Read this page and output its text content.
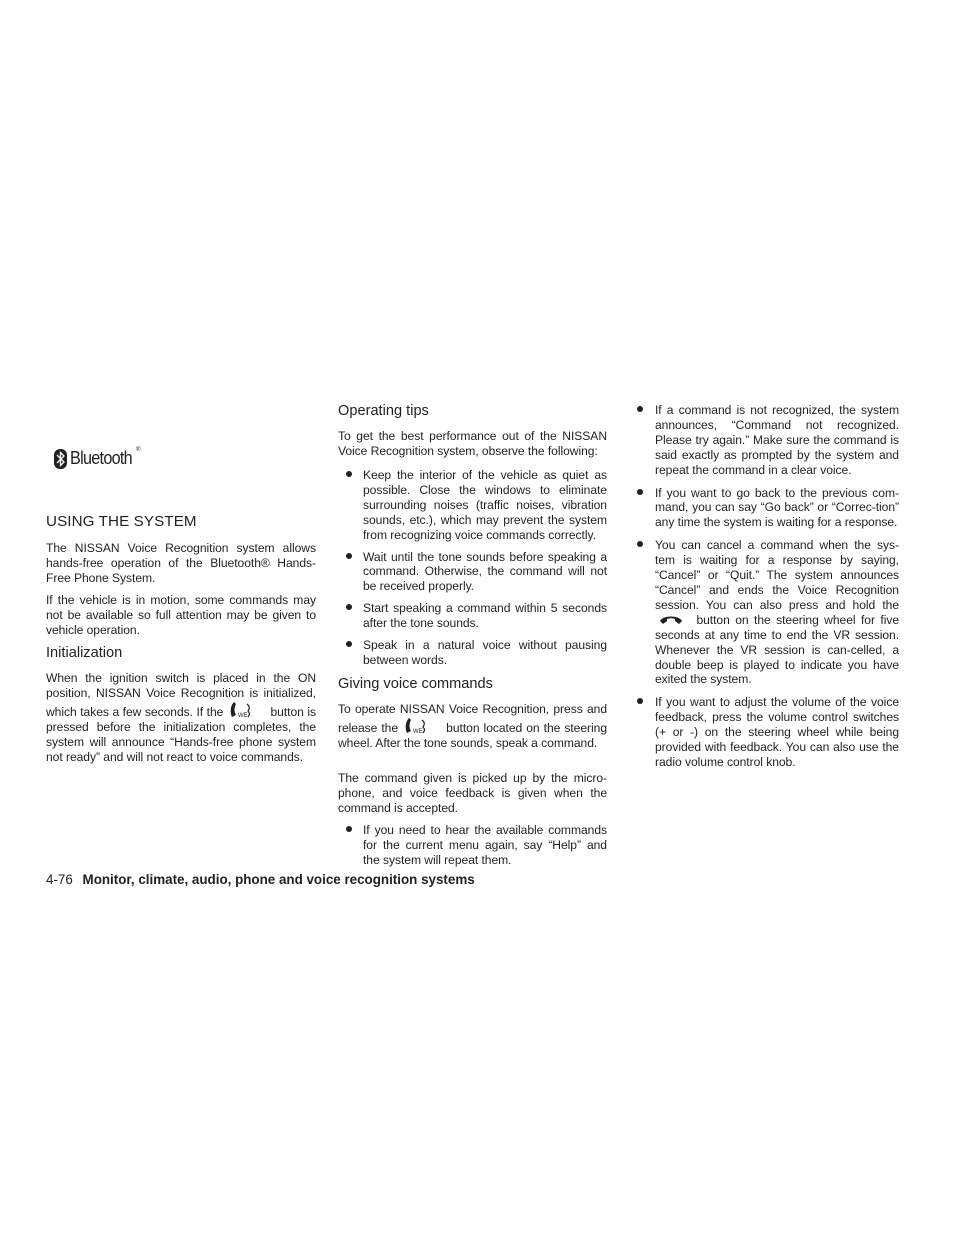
Bluetooth ®
USING THE SYSTEM

The NISSAN Voice Recognition system allows hands-free operation of the Bluetooth® Hands-Free Phone System.

If the vehicle is in motion, some commands may not be available so full attention may be given to vehicle operation.

Initialization

When the ignition switch is placed in the ON position, NISSAN Voice Recognition is initialized, which takes a few seconds. If the WE button is pressed before the initialization completes, the system will announce “Hands-free phone system not ready” and will not react to voice commands.

Operating tips

To get the best performance out of the NISSAN Voice Recognition system, observe the following:

Keep the interior of the vehicle as quiet as possible. Close the windows to eliminate surrounding noises (traffic noises, vibration sounds, etc.), which may prevent the system from recognizing voice commands correctly.

Wait until the tone sounds before speaking a command. Otherwise, the command will not be received properly.

Start speaking a command within 5 seconds after the tone sounds.

Speak in a natural voice without pausing between words.

Giving voice commands

To operate NISSAN Voice Recognition, press and release the	WE button located on the steering wheel. After the tone sounds, speak a command.

The command given is picked up by the micro-phone, and voice feedback is given when the command is accepted.

If you need to hear the available commands for the current menu again, say “Help” and the system will repeat them.

If a command is not recognized, the system announces, “Command not recognized. Please try again.” Make sure the command is said exactly as prompted by the system and repeat the command in a clear voice.

If you want to go back to the previous com-mand, you can say “Go back” or “Correc-tion” any time the system is waiting for a response.

You can cancel a command when the sys-tem is waiting for a response by saying, “Cancel” or “Quit.” The system announces “Cancel” and ends the Voice Recognition session. You can also press and hold the  button on the steering wheel for five seconds at any time to end the VR session. Whenever the VR session is can-celled, a double beep is played to indicate you have exited the system.

If you want to adjust the volume of the voice feedback, press the volume control switches (+ or -) on the steering wheel while being provided with feedback. You can also use the radio volume control knob.

4-76 Monitor, climate, audio, phone and voice recognition systems
